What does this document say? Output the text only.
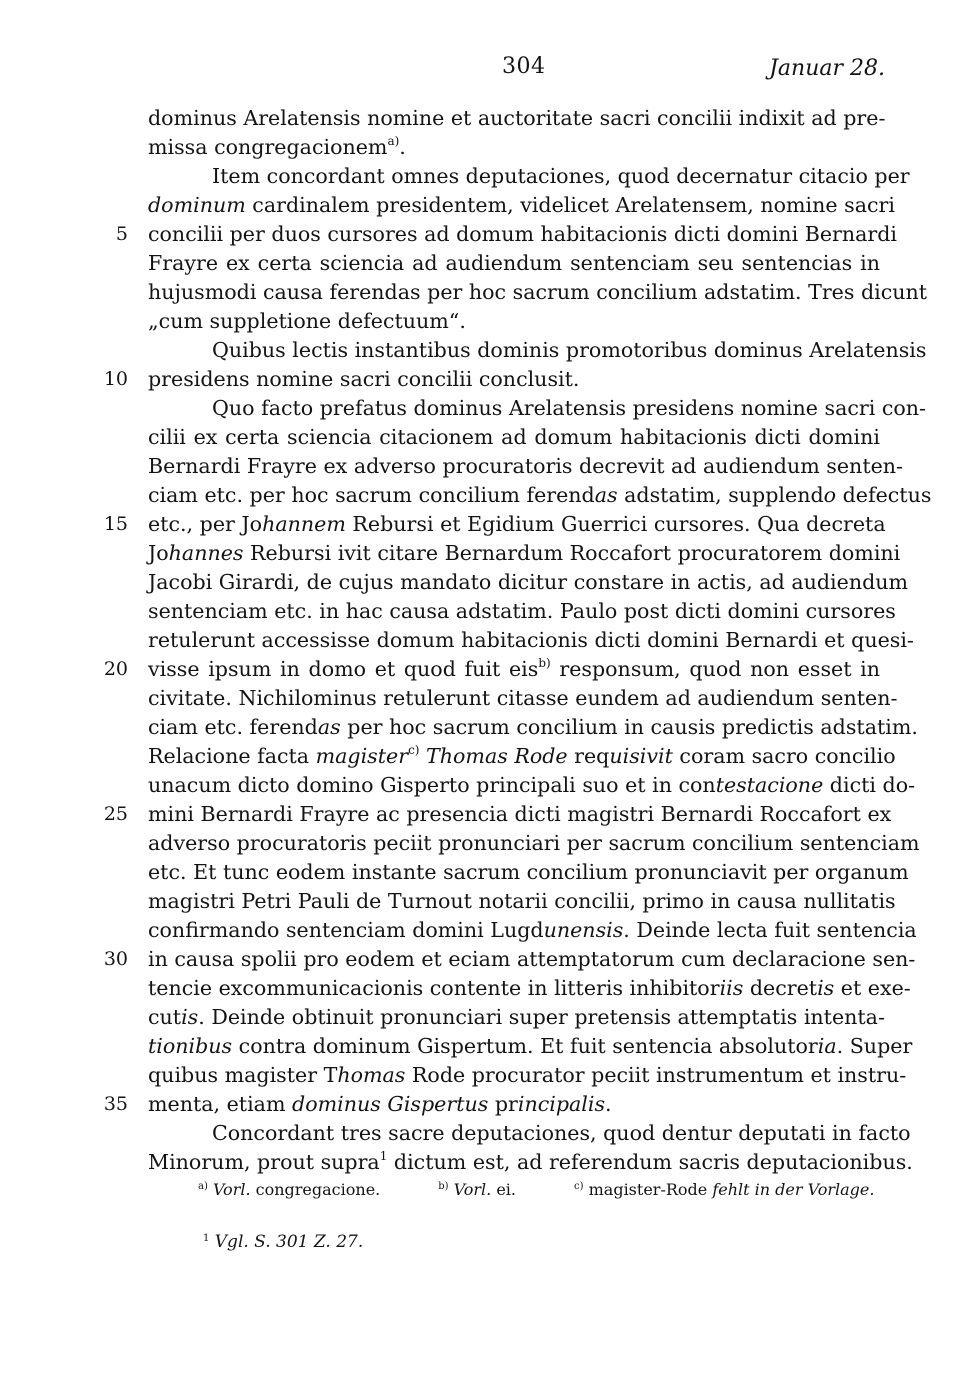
304	Januar 28.
dominus Arelatensis nomine et auctoritate sacri concilii indixit ad pre-
missa congregacionem$^{a)}$.
Item concordant omnes deputaciones, quod decernatur citacio per
dominum cardinalem presidentem, videlicet Arelatensem, nomine sacri
5 concilii per duos cursores ad domum habitacionis dicti domini Bernardi
Frayre ex certa sciencia ad audiendum sentenciam seu sentencias in
hujusmodi causa ferendas per hoc sacrum concilium adstatim. Tres dicunt
„cum suppletione defectuum“.
Quibus lectis instantibus dominis promotoribus dominus Arelatensis
10 presidens nomine sacri concilii conclusit.
Quo facto prefatus dominus Arelatensis presidens nomine sacri con-
cilii ex certa sciencia citacionem ad domum habitacionis dicti domini
Bernardi Frayre ex adverso procuratoris decrevit ad audiendum senten-
ciam etc. per hoc sacrum concilium ferendas adstatim, supplendo defectus
15 etc., per Johannem Rebursi et Egidium Guerrici cursores. Qua decreta
Johannes Rebursi ivit citare Bernardum Roccafort procuratorem domini
Jacobi Girardi, de cujus mandato dicitur constare in actis, ad audiendum
sentenciam etc. in hac causa adstatim. Paulo post dicti domini cursores
retulerunt accessisse domum habitacionis dicti domini Bernardi et quesi-
20 visse ipsum in domo et quod fuit eis$^{b)}$ responsum, quod non esset in
civitate. Nichilominus retulerunt citasse eundem ad audiendum senten-
ciam etc. ferendas per hoc sacrum concilium in causis predictis adstatim.
Relacione facta magister$^{c)}$ Thomas Rode requisivit coram sacro concilio
unacum dicto domino Gisperto principali suo et in contestacione dicti do-
25 mini Bernardi Frayre ac presencia dicti magistri Bernardi Roccafort ex
adverso procuratoris peciit pronunciari per sacrum concilium sentenciam
etc. Et tunc eodem instante sacrum concilium pronunciavit per organum
magistri Petri Pauli de Turnout notarii concilii, primo in causa nullitatis
confirmando sentenciam domini Lugdunensis. Deinde lecta fuit sentencia
30 in causa spolii pro eodem et eciam attemptatorum cum declaracione sen-
tencie excommunicacionis contente in litteris inhibitoriis decretis et exe-
cutis. Deinde obtinuit pronunciari super pretensis attemptatis intenta-
tionibus contra dominum Gispertum. Et fuit sentencia absolutoria. Super
quibus magister Thomas Rode procurator peciit instrumentum et instru-
35 menta, etiam dominus Gispertus principalis.
Concordant tres sacre deputaciones, quod dentur deputati in facto
Minorum, prout supra$^1$ dictum est, ad referendum sacris deputacionibus.
$^{a)}$ Vorl. congregacione.	$^{b)}$ Vorl. ei.	$^{c)}$ magister-Rode fehlt in der Vorlage.
$^1$ Vgl. S. 301 Z. 27.
